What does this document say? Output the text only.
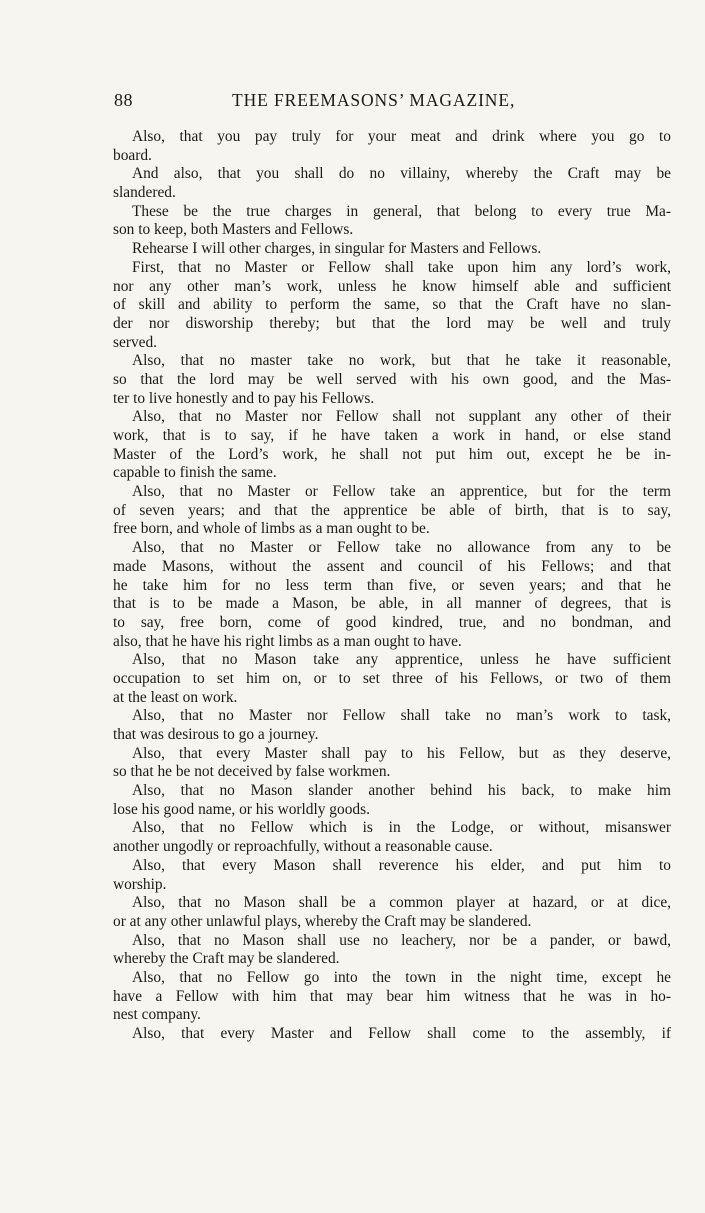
88	THE FREEMASONS’ MAGAZINE,
Also, that you pay truly for your meat and drink where you go to
board.
And also, that you shall do no villainy, whereby the Craft may be
slandered.
These be the true charges in general, that belong to every true Ma-
son to keep, both Masters and Fellows.
Rehearse I will other charges, in singular for Masters and Fellows.
First, that no Master or Fellow shall take upon him any lord’s work,
nor any other man’s work, unless he know himself able and sufficient
of skill and ability to perform the same, so that the Craft have no slan-
der nor disworship thereby; but that the lord may be well and truly
served.
Also, that no master take no work, but that he take it reasonable,
so that the lord may be well served with his own good, and the Mas-
ter to live honestly and to pay his Fellows.
Also, that no Master nor Fellow shall not supplant any other of their
work, that is to say, if he have taken a work in hand, or else stand
Master of the Lord’s work, he shall not put him out, except he be in-
capable to finish the same.
Also, that no Master or Fellow take an apprentice, but for the term
of seven years; and that the apprentice be able of birth, that is to say,
free born, and whole of limbs as a man ought to be.
Also, that no Master or Fellow take no allowance from any to be
made Masons, without the assent and council of his Fellows; and that
he take him for no less term than five, or seven years; and that he
that is to be made a Mason, be able, in all manner of degrees, that is
to say, free born, come of good kindred, true, and no bondman, and
also, that he have his right limbs as a man ought to have.
Also, that no Mason take any apprentice, unless he have sufficient
occupation to set him on, or to set three of his Fellows, or two of them
at the least on work.
Also, that no Master nor Fellow shall take no man’s work to task,
that was desirous to go a journey.
Also, that every Master shall pay to his Fellow, but as they deserve,
so that he be not deceived by false workmen.
Also, that no Mason slander another behind his back, to make him
lose his good name, or his worldly goods.
Also, that no Fellow which is in the Lodge, or without, misanswer
another ungodly or reproachfully, without a reasonable cause.
Also, that every Mason shall reverence his elder, and put him to
worship.
Also, that no Mason shall be a common player at hazard, or at dice,
or at any other unlawful plays, whereby the Craft may be slandered.
Also, that no Mason shall use no leachery, nor be a pander, or bawd,
whereby the Craft may be slandered.
Also, that no Fellow go into the town in the night time, except he
have a Fellow with him that may bear him witness that he was in ho-
nest company.
Also, that every Master and Fellow shall come to the assembly, if
